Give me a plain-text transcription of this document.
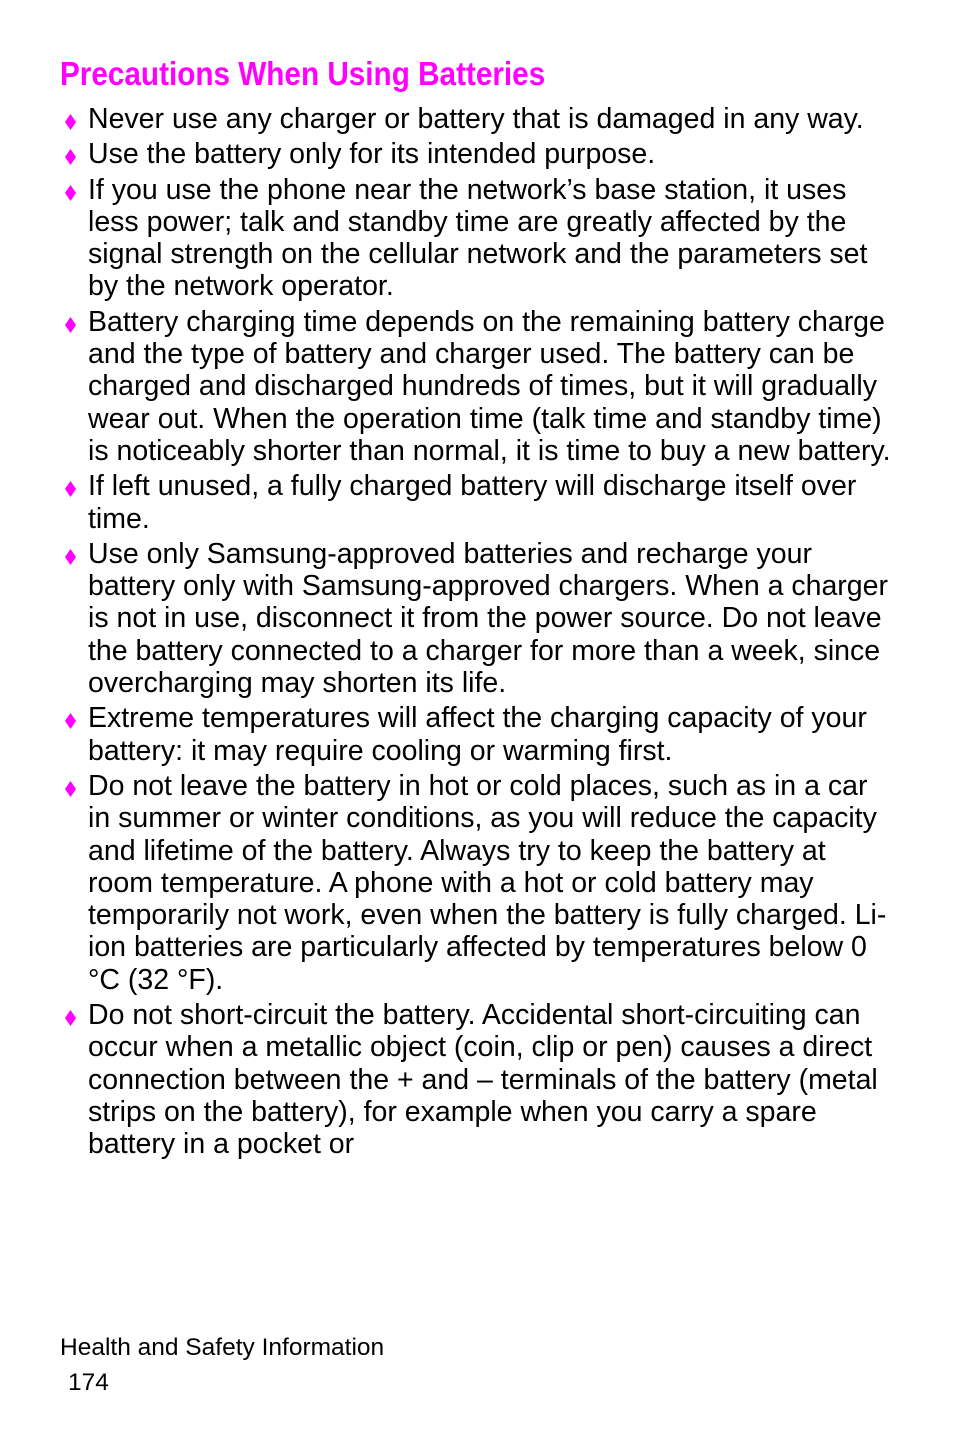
Precautions When Using Batteries
Never use any charger or battery that is damaged in any way.
Use the battery only for its intended purpose.
If you use the phone near the network’s base station, it uses less power; talk and standby time are greatly affected by the signal strength on the cellular network and the parameters set by the network operator.
Battery charging time depends on the remaining battery charge and the type of battery and charger used. The battery can be charged and discharged hundreds of times, but it will gradually wear out. When the operation time (talk time and standby time) is noticeably shorter than normal, it is time to buy a new battery.
If left unused, a fully charged battery will discharge itself over time.
Use only Samsung-approved batteries and recharge your battery only with Samsung-approved chargers. When a charger is not in use, disconnect it from the power source. Do not leave the battery connected to a charger for more than a week, since overcharging may shorten its life.
Extreme temperatures will affect the charging capacity of your battery: it may require cooling or warming first.
Do not leave the battery in hot or cold places, such as in a car in summer or winter conditions, as you will reduce the capacity and lifetime of the battery. Always try to keep the battery at room temperature. A phone with a hot or cold battery may temporarily not work, even when the battery is fully charged. Li-ion batteries are particularly affected by temperatures below 0 °C (32 °F).
Do not short-circuit the battery. Accidental short-circuiting can occur when a metallic object (coin, clip or pen) causes a direct connection between the + and – terminals of the battery (metal strips on the battery), for example when you carry a spare battery in a pocket or
Health and Safety Information
174
